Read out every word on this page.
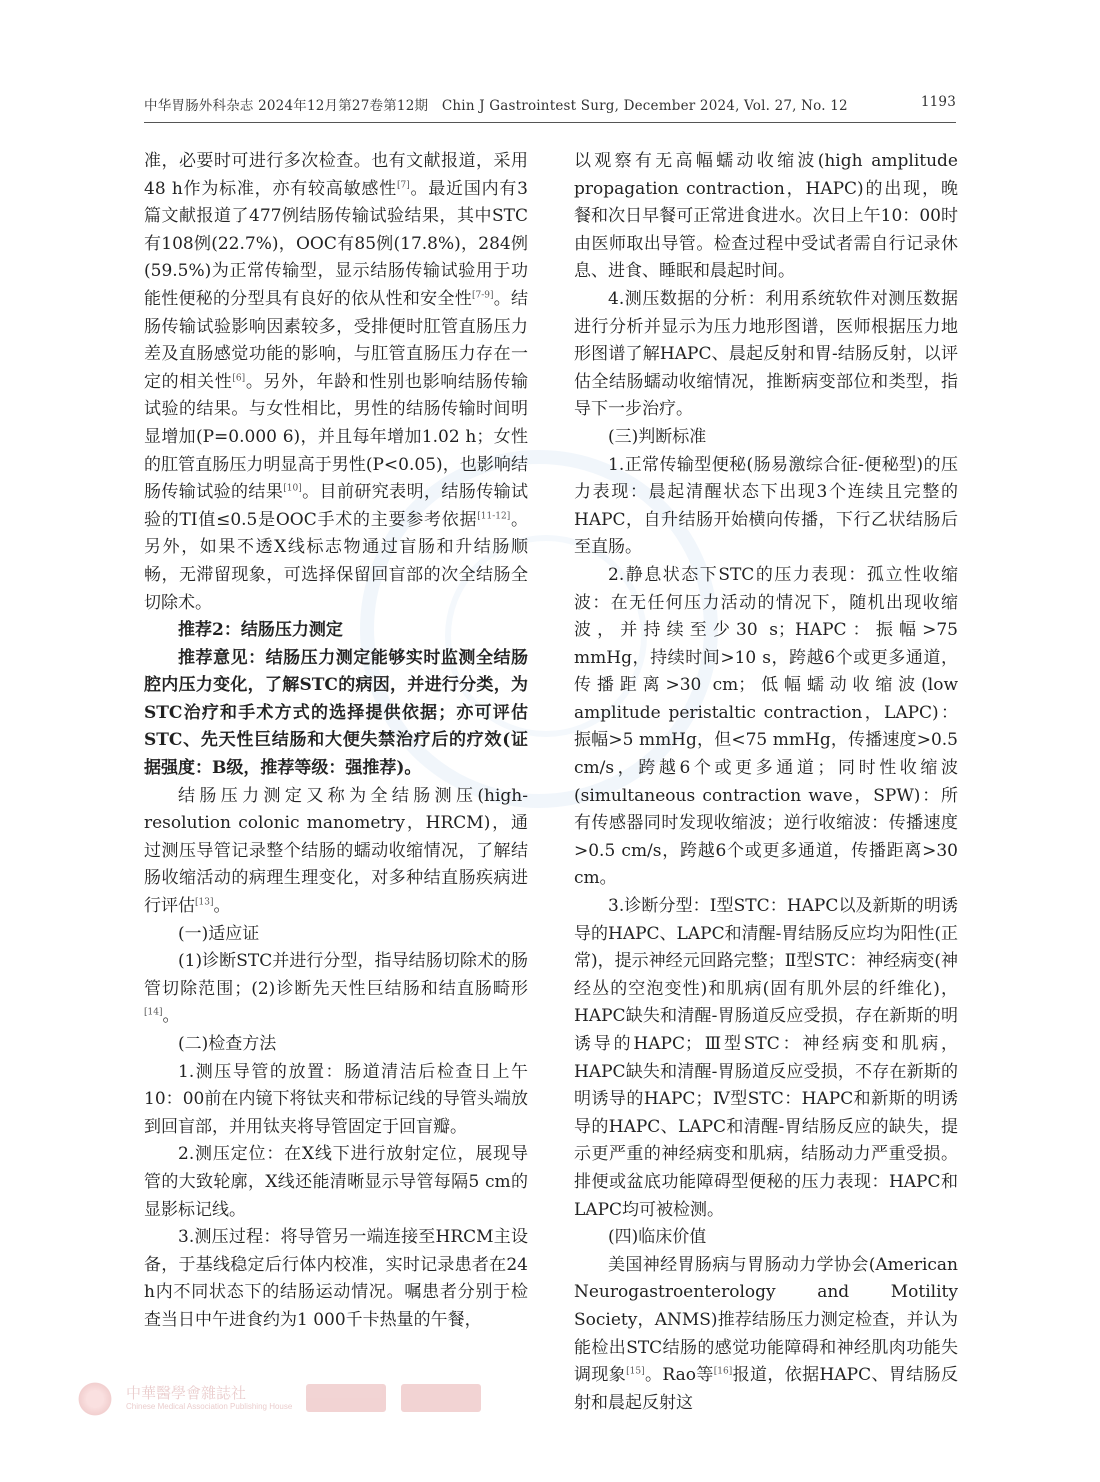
中华胃肠外科杂志 2024年12月第27卷第12期　Chin J Gastrointest Surg, December 2024, Vol. 27, No. 12	1193

准，必要时可进行多次检查。也有文献报道，采用48 h作为标准，亦有较高敏感性[7]。最近国内有3篇文献报道了477例结肠传输试验结果，其中STC有108例(22.7%)，OOC有85例(17.8%)，284例(59.5%)为正常传输型，显示结肠传输试验用于功能性便秘的分型具有良好的依从性和安全性[7-9]。结肠传输试验影响因素较多，受排便时肛管直肠压力差及直肠感觉功能的影响，与肛管直肠压力存在一定的相关性[6]。另外，年龄和性别也影响结肠传输试验的结果。与女性相比，男性的结肠传输时间明显增加(P=0.000 6)，并且每年增加1.02 h；女性的肛管直肠压力明显高于男性(P<0.05)，也影响结肠传输试验的结果[10]。目前研究表明，结肠传输试验的TI值≤0.5是OOC手术的主要参考依据[11-12]。另外，如果不透X线标志物通过盲肠和升结肠顺畅，无滞留现象，可选择保留回盲部的次全结肠全切除术。

推荐2：结肠压力测定

推荐意见：结肠压力测定能够实时监测全结肠腔内压力变化，了解STC的病因，并进行分类，为STC治疗和手术方式的选择提供依据；亦可评估STC、先天性巨结肠和大便失禁治疗后的疗效(证据强度：B级，推荐等级：强推荐)。

结肠压力测定又称为全结肠测压(high-resolution colonic manometry，HRCM)，通过测压导管记录整个结肠的蠕动收缩情况，了解结肠收缩活动的病理生理变化，对多种结直肠疾病进行评估[13]。

(一)适应证

(1)诊断STC并进行分型，指导结肠切除术的肠管切除范围；(2)诊断先天性巨结肠和结直肠畸形[14]。

(二)检查方法

1.测压导管的放置：肠道清洁后检查日上午10：00前在内镜下将钛夹和带标记线的导管头端放到回盲部，并用钛夹将导管固定于回盲瓣。

2.测压定位：在X线下进行放射定位，展现导管的大致轮廓，X线还能清晰显示导管每隔5 cm的显影标记线。

3.测压过程：将导管另一端连接至HRCM主设备，于基线稳定后行体内校准，实时记录患者在24 h内不同状态下的结肠运动情况。嘱患者分别于检查当日中午进食约为1 000千卡热量的午餐，

以观察有无高幅蠕动收缩波(high amplitude propagation contraction，HAPC)的出现，晚餐和次日早餐可正常进食进水。次日上午10：00时由医师取出导管。检查过程中受试者需自行记录休息、进食、睡眠和晨起时间。

4.测压数据的分析：利用系统软件对测压数据进行分析并显示为压力地形图谱，医师根据压力地形图谱了解HAPC、晨起反射和胃-结肠反射，以评估全结肠蠕动收缩情况，推断病变部位和类型，指导下一步治疗。

(三)判断标准

1.正常传输型便秘(肠易激综合征-便秘型)的压力表现：晨起清醒状态下出现3个连续且完整的HAPC，自升结肠开始横向传播，下行乙状结肠后至直肠。

2.静息状态下STC的压力表现：孤立性收缩波：在无任何压力活动的情况下，随机出现收缩波，并持续至少30 s；HAPC：振幅>75 mmHg，持续时间>10 s，跨越6个或更多通道，传播距离>30 cm；低幅蠕动收缩波(low amplitude peristaltic contraction，LAPC)：振幅>5 mmHg，但<75 mmHg，传播速度>0.5 cm/s，跨越6个或更多通道；同时性收缩波(simultaneous contraction wave，SPW)：所有传感器同时发现收缩波；逆行收缩波：传播速度>0.5 cm/s，跨越6个或更多通道，传播距离>30 cm。

3.诊断分型：Ⅰ型STC：HAPC以及新斯的明诱导的HAPC、LAPC和清醒-胃结肠反应均为阳性(正常)，提示神经元回路完整；Ⅱ型STC：神经病变(神经丛的空泡变性)和肌病(固有肌外层的纤维化)，HAPC缺失和清醒-胃肠道反应受损，存在新斯的明诱导的HAPC；Ⅲ型STC：神经病变和肌病，HAPC缺失和清醒-胃肠道反应受损，不存在新斯的明诱导的HAPC；Ⅳ型STC：HAPC和新斯的明诱导的HAPC、LAPC和清醒-胃结肠反应的缺失，提示更严重的神经病变和肌病，结肠动力严重受损。排便或盆底功能障碍型便秘的压力表现：HAPC和LAPC均可被检测。

(四)临床价值

美国神经胃肠病与胃肠动力学协会(American Neurogastroenterology and Motility Society，ANMS)推荐结肠压力测定检查，并认为能检出STC结肠的感觉功能障碍和神经肌肉功能失调现象[15]。Rao等[16]报道，依据HAPC、胃结肠反射和晨起反射这

中華醫學會雜誌社
Chinese Medical Association Publishing House
